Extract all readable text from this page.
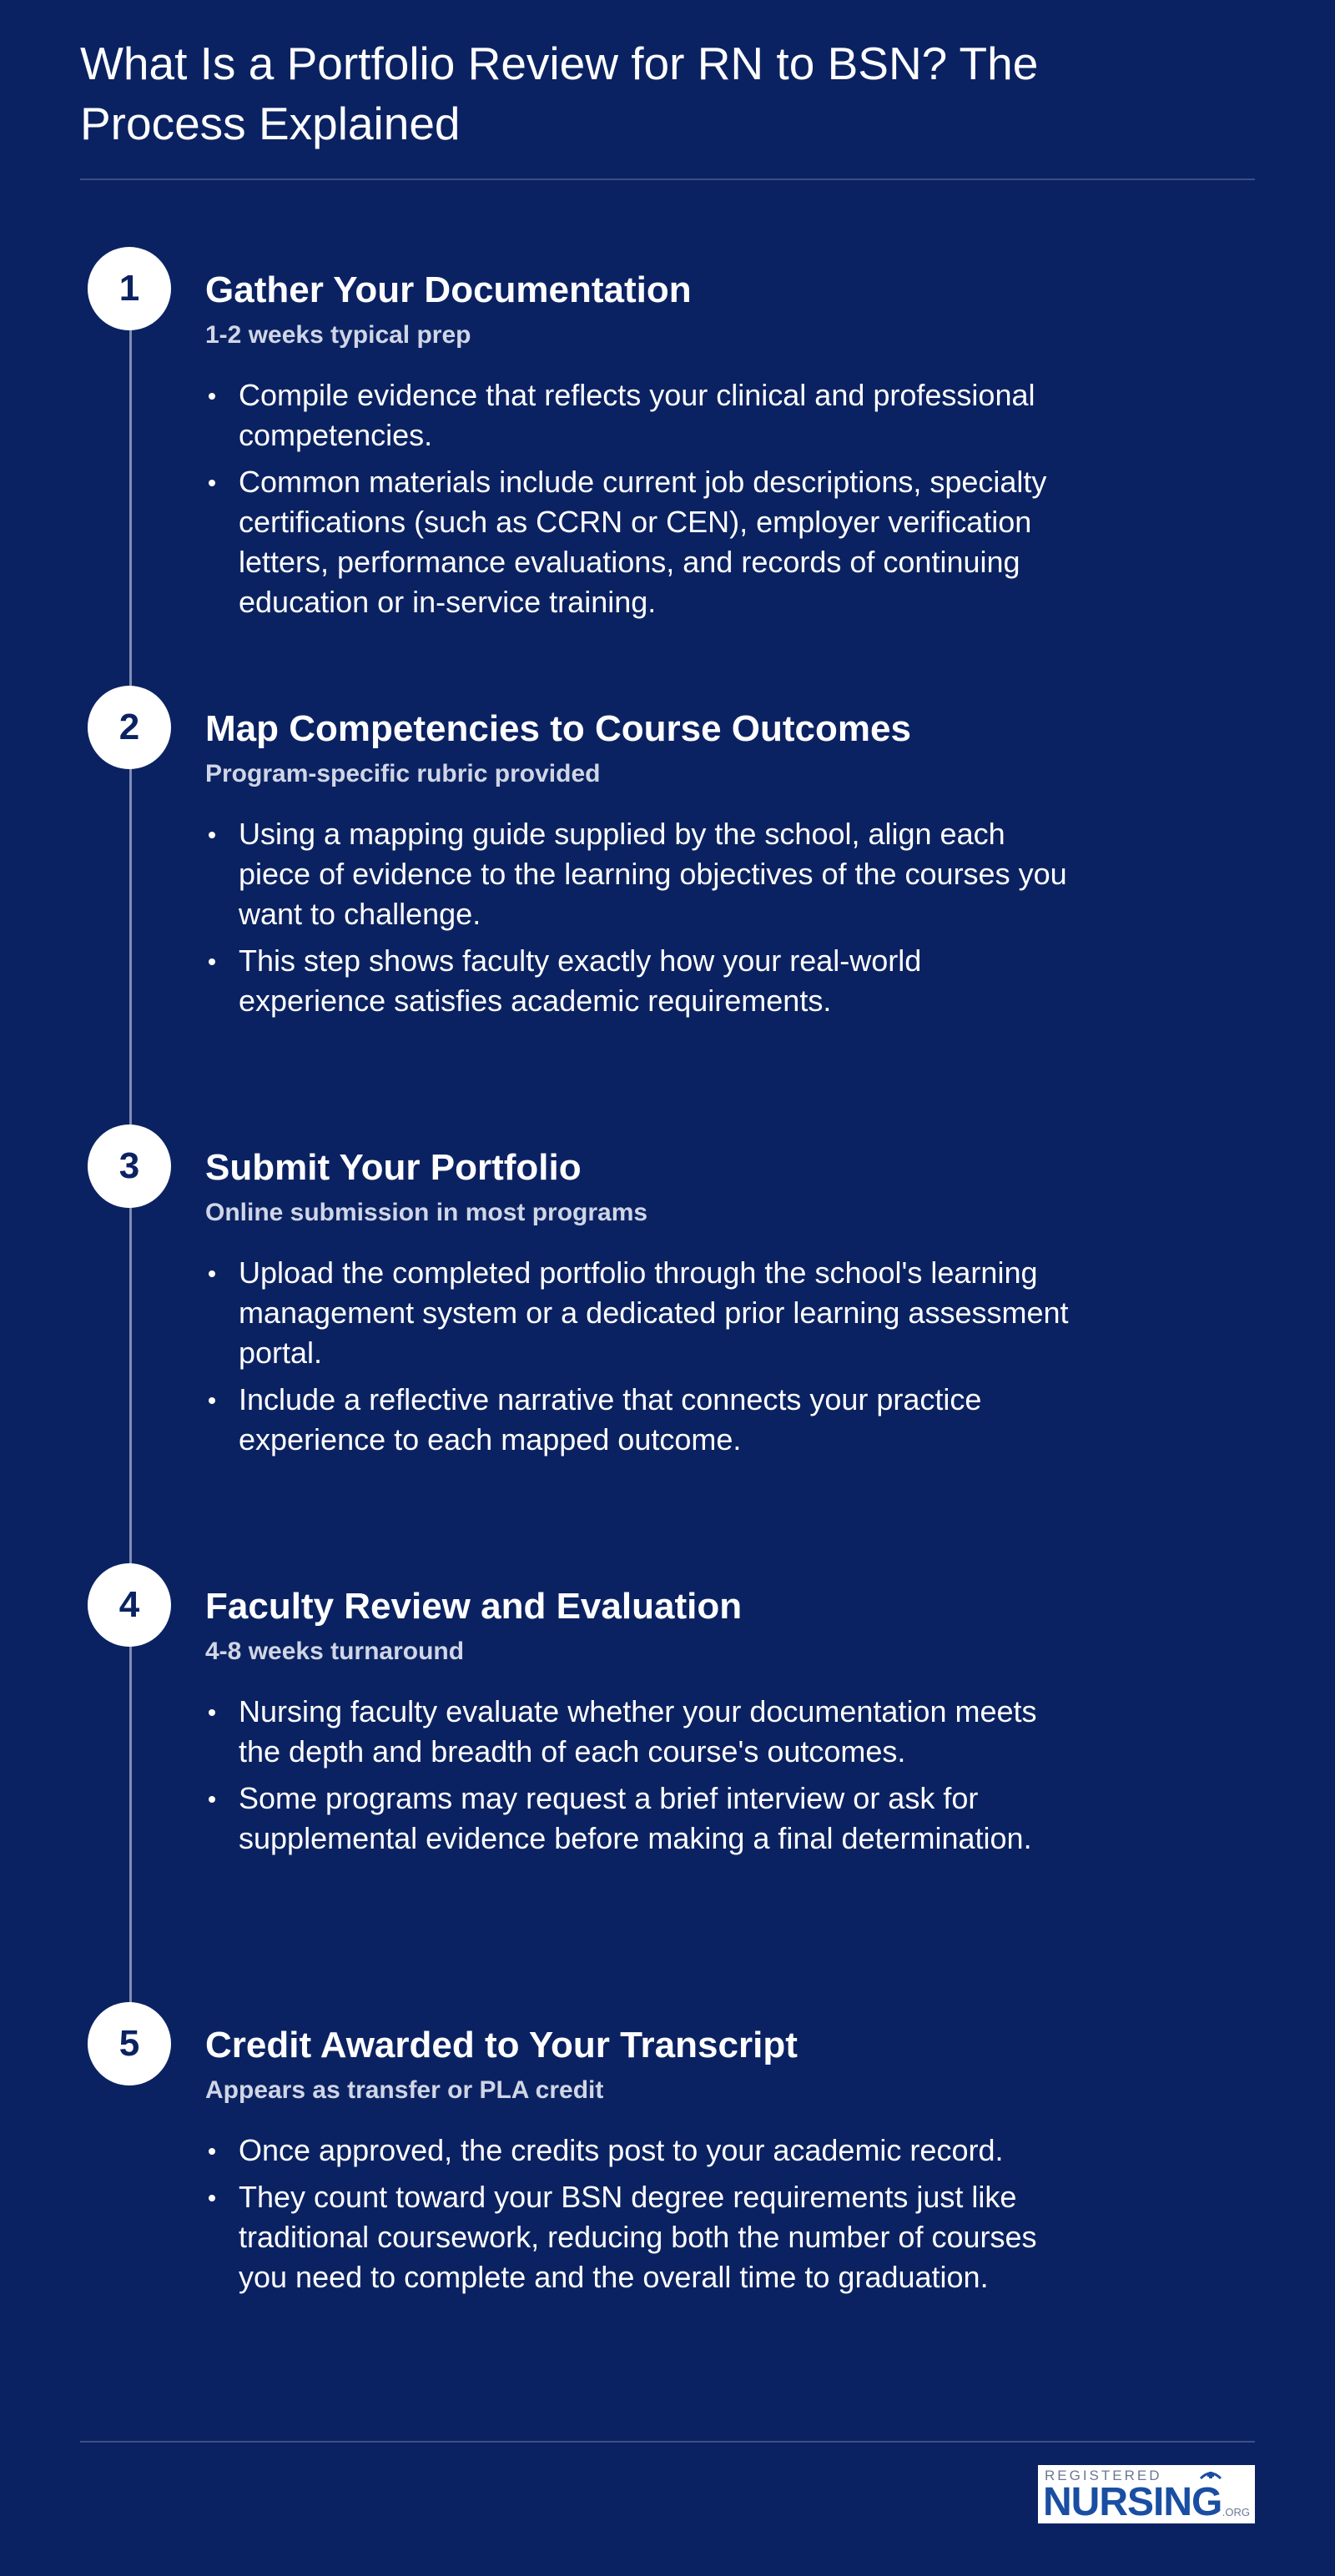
What Is a Portfolio Review for RN to BSN? The Process Explained
1	Gather Your Documentation

1-2 weeks typical prep

Compile evidence that reflects your clinical and professional competencies.
Common materials include current job descriptions, specialty certifications (such as CCRN or CEN), employer verification letters, performance evaluations, and records of continuing education or in-service training.
2	Map Competencies to Course Outcomes

Program-specific rubric provided

Using a mapping guide supplied by the school, align each piece of evidence to the learning objectives of the courses you want to challenge.
This step shows faculty exactly how your real-world experience satisfies academic requirements.
3	Submit Your Portfolio

Online submission in most programs

Upload the completed portfolio through the school's learning management system or a dedicated prior learning assessment portal.
Include a reflective narrative that connects your practice experience to each mapped outcome.
4	Faculty Review and Evaluation

4-8 weeks turnaround

Nursing faculty evaluate whether your documentation meets the depth and breadth of each course's outcomes.
Some programs may request a brief interview or ask for supplemental evidence before making a final determination.
5	Credit Awarded to Your Transcript

Appears as transfer or PLA credit

Once approved, the credits post to your academic record.
They count toward your BSN degree requirements just like traditional coursework, reducing both the number of courses you need to complete and the overall time to graduation.
REGISTERED
NURSING .ORG
